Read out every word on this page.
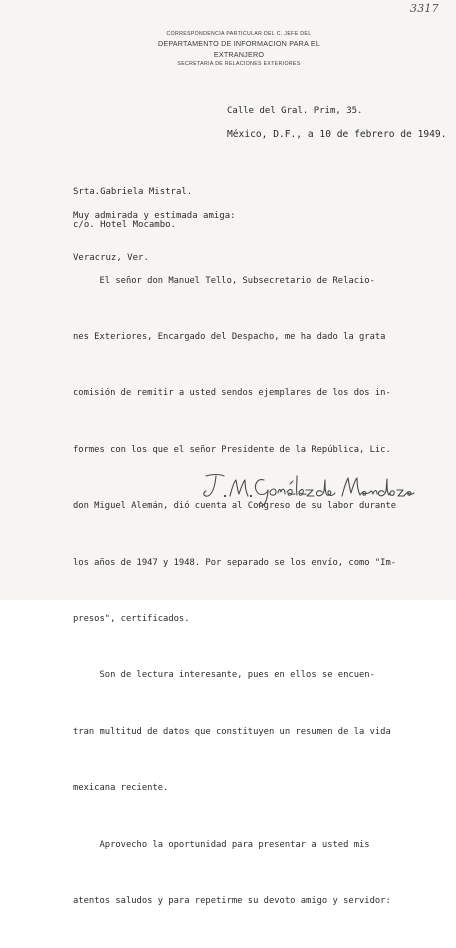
3317
CORRESPONDENCIA PARTICULAR DEL C. JEFE DEL
DEPARTAMENTO DE INFORMACION PARA EL EXTRANJERO
SECRETARIA DE RELACIONES EXTERIORES
Calle del Gral. Prim, 35.
México, D.F., a 10 de febrero de 1949.

Srta.Gabriela Mistral.

c/o. Hotel Mocambo.

Veracruz, Ver.

Muy admirada y estimada amiga:

El señor don Manuel Tello, Subsecretario de Relacio-

nes Exteriores, Encargado del Despacho, me ha dado la grata

comisión de remitir a usted sendos ejemplares de los dos in-

formes con los que el señor Presidente de la República, Lic.

don Miguel Alemán, dió cuenta al Congreso de su labor durante

los años de 1947 y 1948. Por separado se los envío, como "Im-

presos", certificados.

Son de lectura interesante, pues en ellos se encuen-

tran multitud de datos que constituyen un resumen de la vida

mexicana reciente.

Aprovecho la oportunidad para presentar a usted mis

atentos saludos y para repetirme su devoto amigo y servidor:
